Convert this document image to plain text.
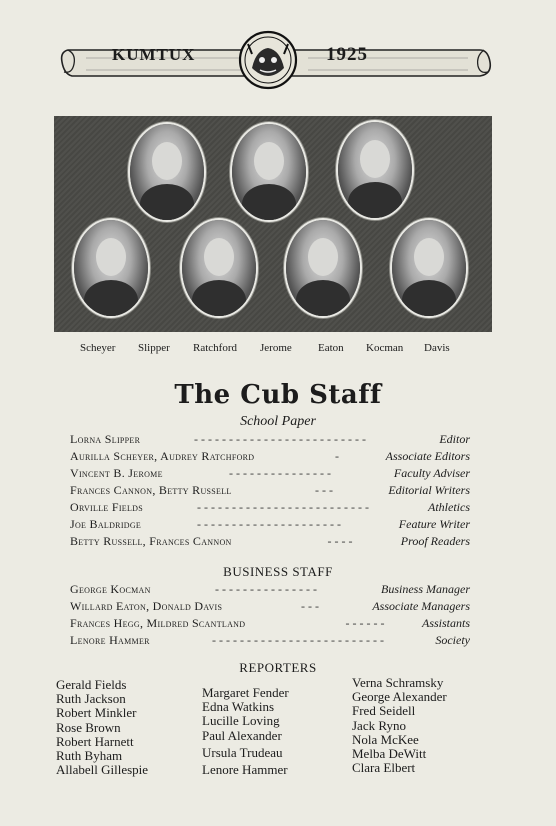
KUMTUX	1925
Scheyer Slipper Ratchford Jerome Eaton Kocman Davis
The Cub Staff
School Paper
Lorna Slipper	- - - - - - - - - - - - - - - - - - - - - - - - -	Editor
Aurilla Scheyer, Audrey Ratchford	-	Associate Editors
Vincent B. Jerome	- - - - - - - - - - - - - - -	Faculty Adviser
Frances Cannon, Betty Russell	- - -	Editorial Writers
Orville Fields	- - - - - - - - - - - - - - - - - - - - - - - - -	Athletics
Joe Baldridge	- - - - - - - - - - - - - - - - - - - - -	Feature Writer
Betty Russell, Frances Cannon	- - - -	Proof Readers
BUSINESS STAFF
George Kocman	- - - - - - - - - - - - - - -	Business Manager
Willard Eaton, Donald Davis	- - -	Associate Managers
Frances Hegg, Mildred Scantland	- - - - - -	Assistants
Lenore Hammer	- - - - - - - - - - - - - - - - - - - - - - - - -	Society
REPORTERS
Gerald Fields
Ruth Jackson
Robert Minkler
Rose Brown
Robert Harnett
Ruth Byham
Allabell Gillespie
Margaret Fender
Edna Watkins
Lucille Loving
Paul Alexander
Ursula Trudeau
Lenore Hammer
Verna Schramsky
George Alexander
Fred Seidell
Jack Ryno
Nola McKee
Melba DeWitt
Clara Elbert
